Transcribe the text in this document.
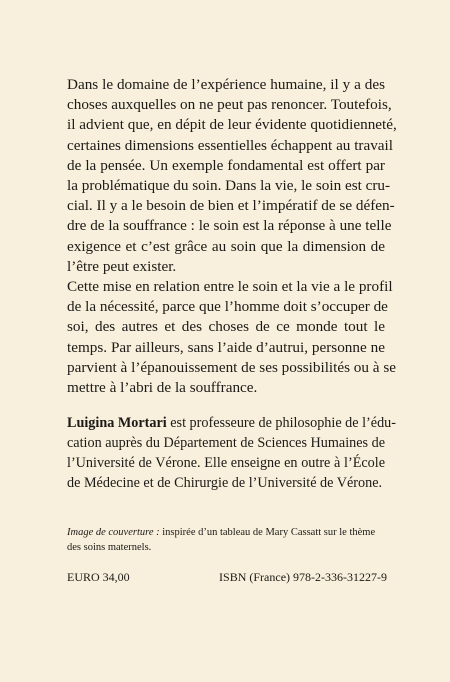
Dans le domaine de l’expérience humaine, il y a des
choses auxquelles on ne peut pas renoncer. Toutefois,
il advient que, en dépit de leur évidente quotidienneté,
certaines dimensions essentielles échappent au travail
de la pensée. Un exemple fondamental est offert par
la problématique du soin. Dans la vie, le soin est cru-
cial. Il y a le besoin de bien et l’impératif de se défen-
dre de la souffrance : le soin est la réponse à une telle
exigence et c’est grâce au soin que la dimension de
l’être peut exister.
Cette mise en relation entre le soin et la vie a le profil
de la nécessité, parce que l’homme doit s’occuper de
soi, des autres et des choses de ce monde tout le
temps. Par ailleurs, sans l’aide d’autrui, personne ne
parvient à l’épanouissement de ses possibilités ou à se
mettre à l’abri de la souffrance.
Luigina Mortari est professeure de philosophie de l’édu-
cation auprès du Département de Sciences Humaines de
l’Université de Vérone. Elle enseigne en outre à l’École
de Médecine et de Chirurgie de l’Université de Vérone.
Image de couverture : inspirée d’un tableau de Mary Cassatt sur le thème
des soins maternels.
EURO 34,00	ISBN (France) 978-2-336-31227-9
